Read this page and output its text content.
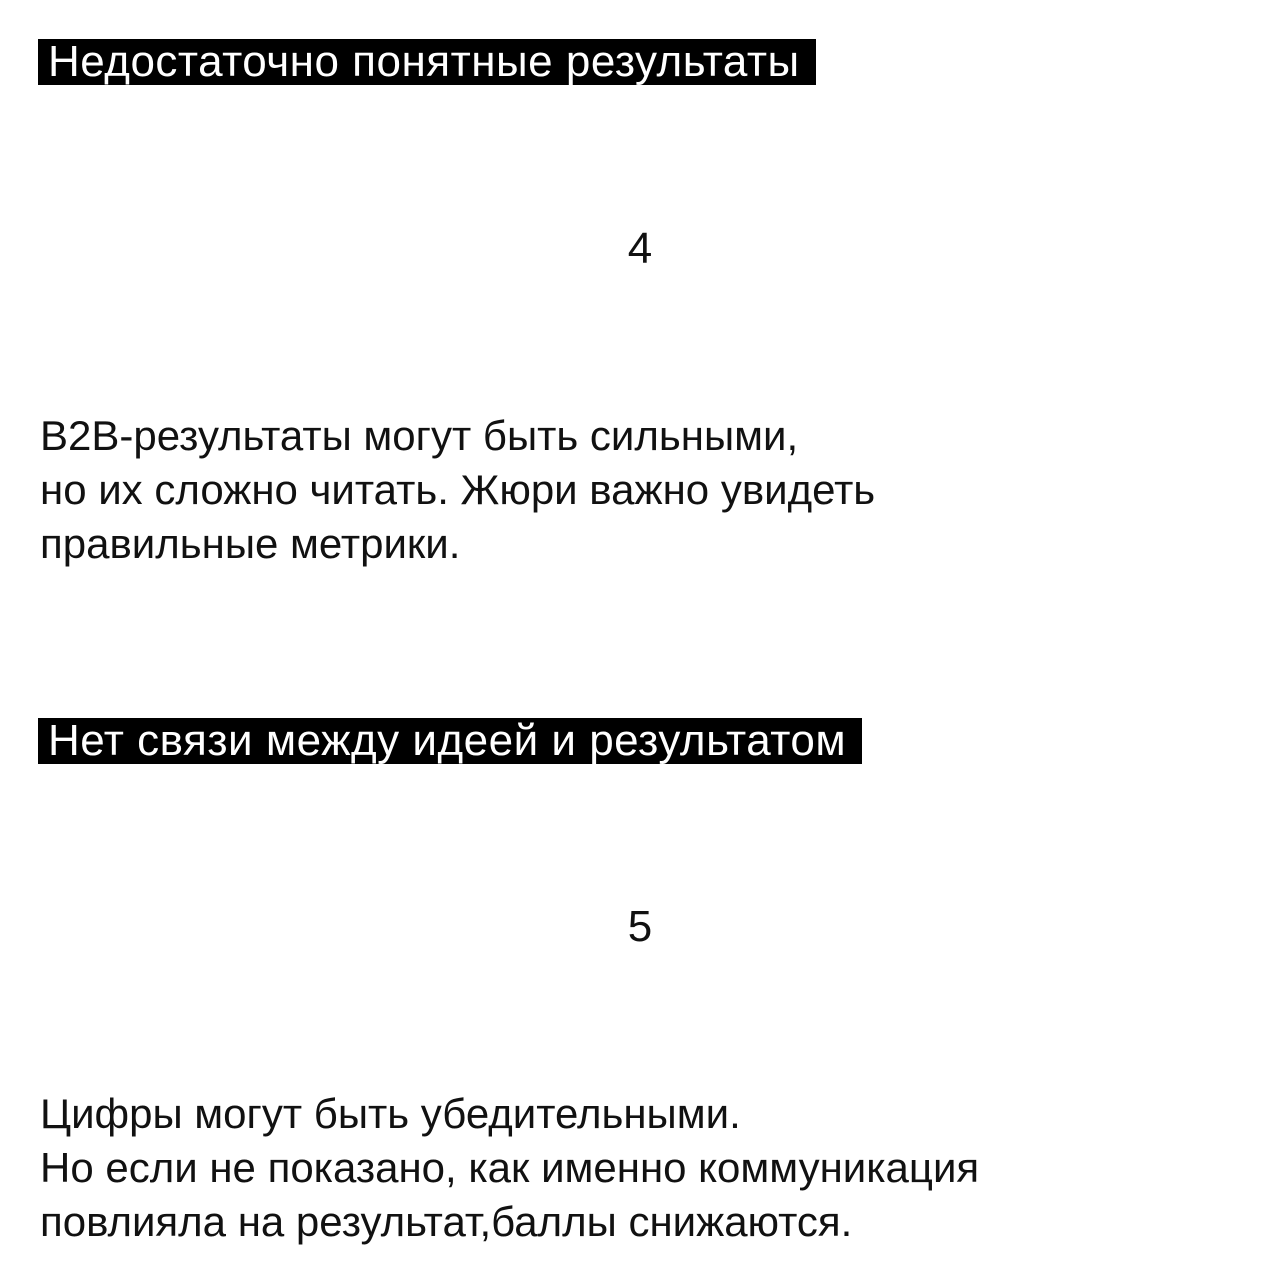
Недостаточно понятные результаты
4

B2B-результаты могут быть сильными,
но их сложно читать. Жюри важно увидеть
правильные метрики.

Нет связи между идеей и результатом
5

Цифры могут быть убедительными.
Но если не показано, как именно коммуникация
повлияла на результат,баллы снижаются.
